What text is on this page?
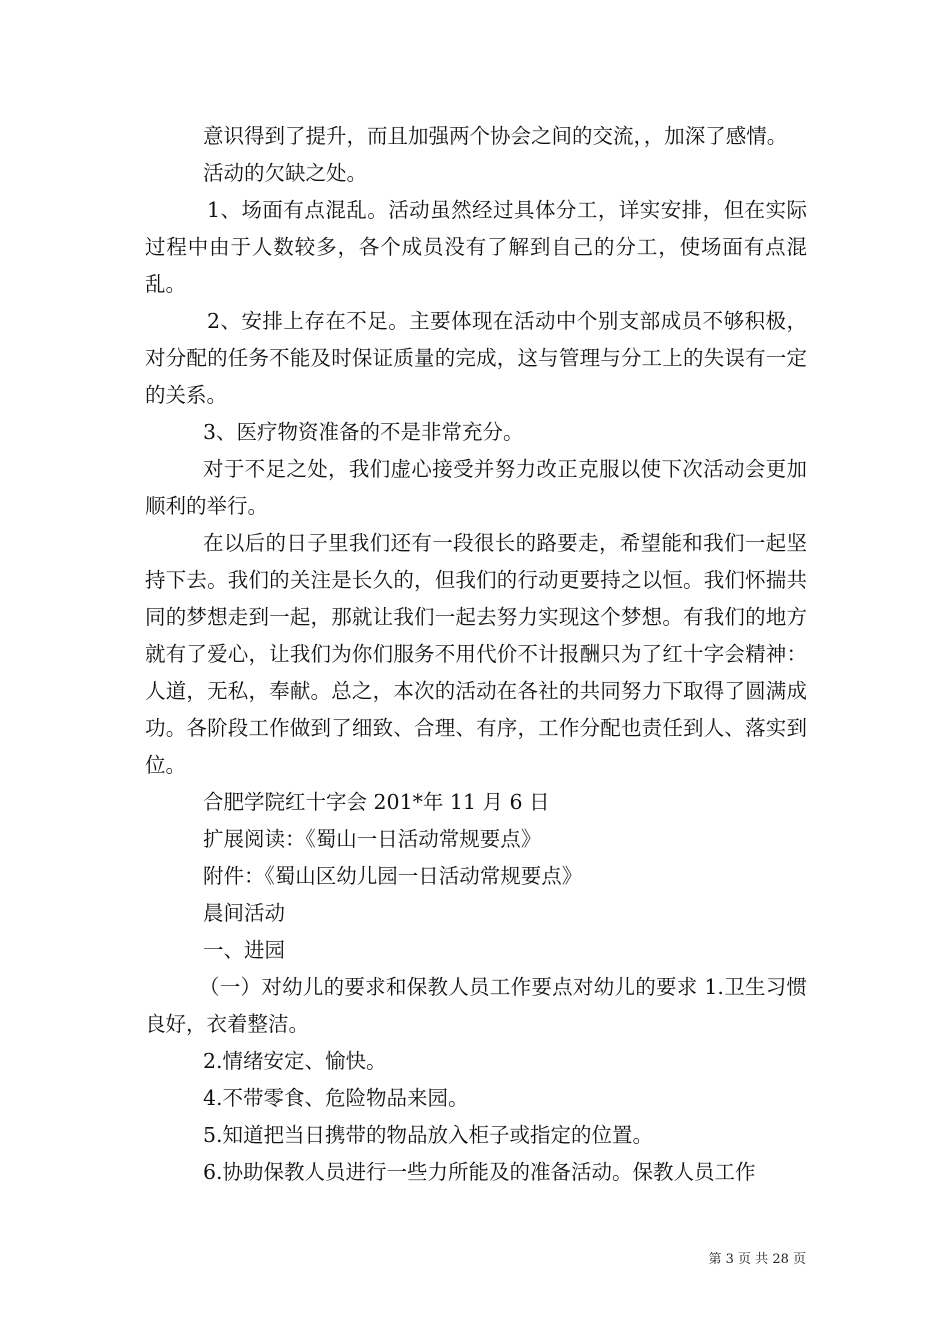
意识得到了提升，而且加强两个协会之间的交流，，加深了感情。

活动的欠缺之处。

1、场面有点混乱。活动虽然经过具体分工，详实安排，但在实际过程中由于人数较多，各个成员没有了解到自己的分工，使场面有点混乱。

2、安排上存在不足。主要体现在活动中个别支部成员不够积极，对分配的任务不能及时保证质量的完成，这与管理与分工上的失误有一定的关系。

3、医疗物资准备的不是非常充分。

对于不足之处，我们虚心接受并努力改正克服以使下次活动会更加顺利的举行。

在以后的日子里我们还有一段很长的路要走，希望能和我们一起坚持下去。我们的关注是长久的，但我们的行动更要持之以恒。我们怀揣共同的梦想走到一起，那就让我们一起去努力实现这个梦想。有我们的地方就有了爱心，让我们为你们服务不用代价不计报酬只为了红十字会精神：人道，无私，奉献。总之，本次的活动在各社的共同努力下取得了圆满成功。各阶段工作做到了细致、合理、有序，工作分配也责任到人、落实到位。

合肥学院红十字会 201*年 11 月 6 日

扩展阅读：《蜀山一日活动常规要点》

附件：《蜀山区幼儿园一日活动常规要点》

晨间活动

一、进园

（一）对幼儿的要求和保教人员工作要点对幼儿的要求 1.卫生习惯良好，衣着整洁。

2.情绪安定、愉快。

4.不带零食、危险物品来园。

5.知道把当日携带的物品放入柜子或指定的位置。

6.协助保教人员进行一些力所能及的准备活动。保教人员工作

第 3 页 共 28 页
